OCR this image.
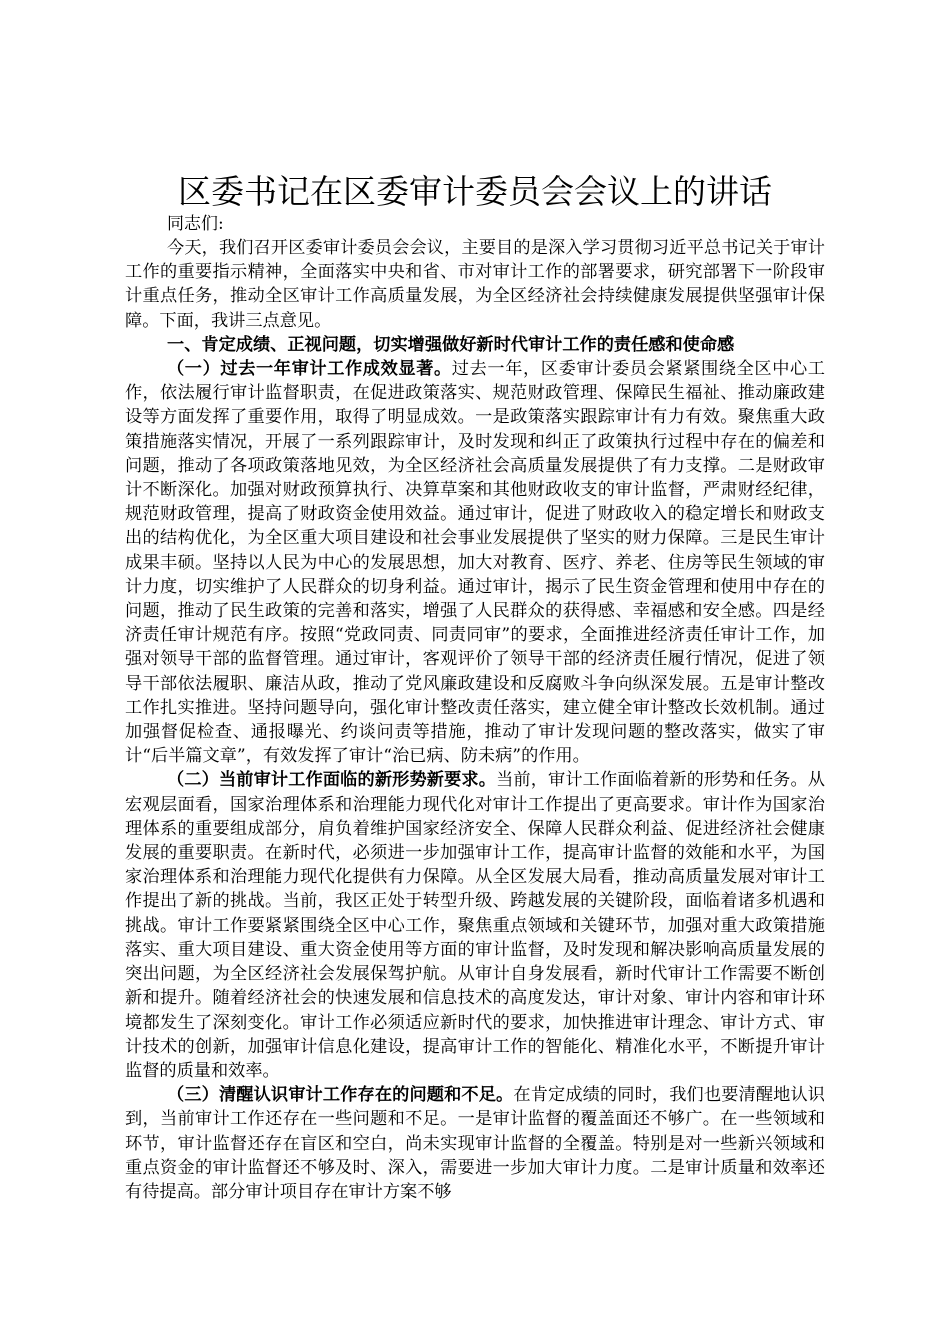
区委书记在区委审计委员会会议上的讲话

同志们:

今天，我们召开区委审计委员会会议，主要目的是深入学习贯彻习近平总书记关于审计工作的重要指示精神，全面落实中央和省、市对审计工作的部署要求，研究部署下一阶段审计重点任务，推动全区审计工作高质量发展，为全区经济社会持续健康发展提供坚强审计保障。下面，我讲三点意见。

一、肯定成绩、正视问题，切实增强做好新时代审计工作的责任感和使命感

（一）过去一年审计工作成效显著。过去一年，区委审计委员会紧紧围绕全区中心工作，依法履行审计监督职责，在促进政策落实、规范财政管理、保障民生福祉、推动廉政建设等方面发挥了重要作用，取得了明显成效。一是政策落实跟踪审计有力有效。聚焦重大政策措施落实情况，开展了一系列跟踪审计，及时发现和纠正了政策执行过程中存在的偏差和问题，推动了各项政策落地见效，为全区经济社会高质量发展提供了有力支撑。二是财政审计不断深化。加强对财政预算执行、决算草案和其他财政收支的审计监督，严肃财经纪律，规范财政管理，提高了财政资金使用效益。通过审计，促进了财政收入的稳定增长和财政支出的结构优化，为全区重大项目建设和社会事业发展提供了坚实的财力保障。三是民生审计成果丰硕。坚持以人民为中心的发展思想，加大对教育、医疗、养老、住房等民生领域的审计力度，切实维护了人民群众的切身利益。通过审计，揭示了民生资金管理和使用中存在的问题，推动了民生政策的完善和落实，增强了人民群众的获得感、幸福感和安全感。四是经济责任审计规范有序。按照“党政同责、同责同审”的要求，全面推进经济责任审计工作，加强对领导干部的监督管理。通过审计，客观评价了领导干部的经济责任履行情况，促进了领导干部依法履职、廉洁从政，推动了党风廉政建设和反腐败斗争向纵深发展。五是审计整改工作扎实推进。坚持问题导向，强化审计整改责任落实，建立健全审计整改长效机制。通过加强督促检查、通报曝光、约谈问责等措施，推动了审计发现问题的整改落实，做实了审计“后半篇文章”，有效发挥了审计“治已病、防未病”的作用。

（二）当前审计工作面临的新形势新要求。当前，审计工作面临着新的形势和任务。从宏观层面看，国家治理体系和治理能力现代化对审计工作提出了更高要求。审计作为国家治理体系的重要组成部分，肩负着维护国家经济安全、保障人民群众利益、促进经济社会健康发展的重要职责。在新时代，必须进一步加强审计工作，提高审计监督的效能和水平，为国家治理体系和治理能力现代化提供有力保障。从全区发展大局看，推动高质量发展对审计工作提出了新的挑战。当前，我区正处于转型升级、跨越发展的关键阶段，面临着诸多机遇和挑战。审计工作要紧紧围绕全区中心工作，聚焦重点领域和关键环节，加强对重大政策措施落实、重大项目建设、重大资金使用等方面的审计监督，及时发现和解决影响高质量发展的突出问题，为全区经济社会发展保驾护航。从审计自身发展看，新时代审计工作需要不断创新和提升。随着经济社会的快速发展和信息技术的高度发达，审计对象、审计内容和审计环境都发生了深刻变化。审计工作必须适应新时代的要求，加快推进审计理念、审计方式、审计技术的创新，加强审计信息化建设，提高审计工作的智能化、精准化水平，不断提升审计监督的质量和效率。

（三）清醒认识审计工作存在的问题和不足。在肯定成绩的同时，我们也要清醒地认识到，当前审计工作还存在一些问题和不足。一是审计监督的覆盖面还不够广。在一些领域和环节，审计监督还存在盲区和空白，尚未实现审计监督的全覆盖。特别是对一些新兴领域和重点资金的审计监督还不够及时、深入，需要进一步加大审计力度。二是审计质量和效率还有待提高。部分审计项目存在审计方案不够
